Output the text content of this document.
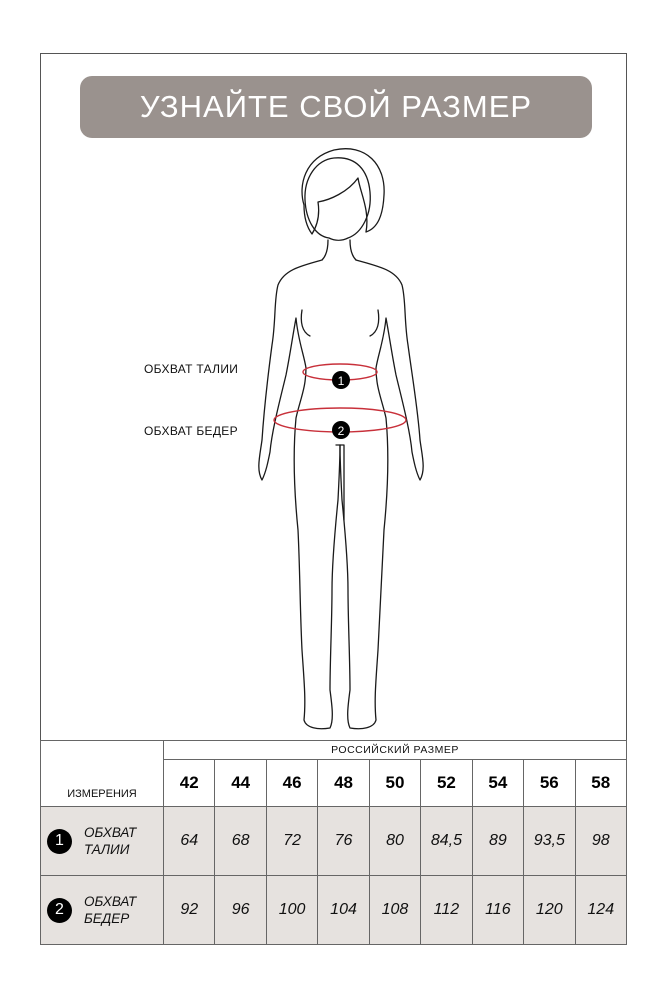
УЗНАЙТЕ СВОЙ РАЗМЕР
1
2
ОБХВАТ ТАЛИИ
ОБХВАТ БЕДЕР
ИЗМЕРЕНИЯ	РОССИЙСКИЙ РАЗМЕР								
	42	44	46	48	50	52	54	56	58

1 ОБХВАТ
ТАЛИИ	64	68	72	76	80	84,5	89	93,5	98

2 ОБХВАТ
БЕДЕР	92	96	100	104	108	112	116	120	124
